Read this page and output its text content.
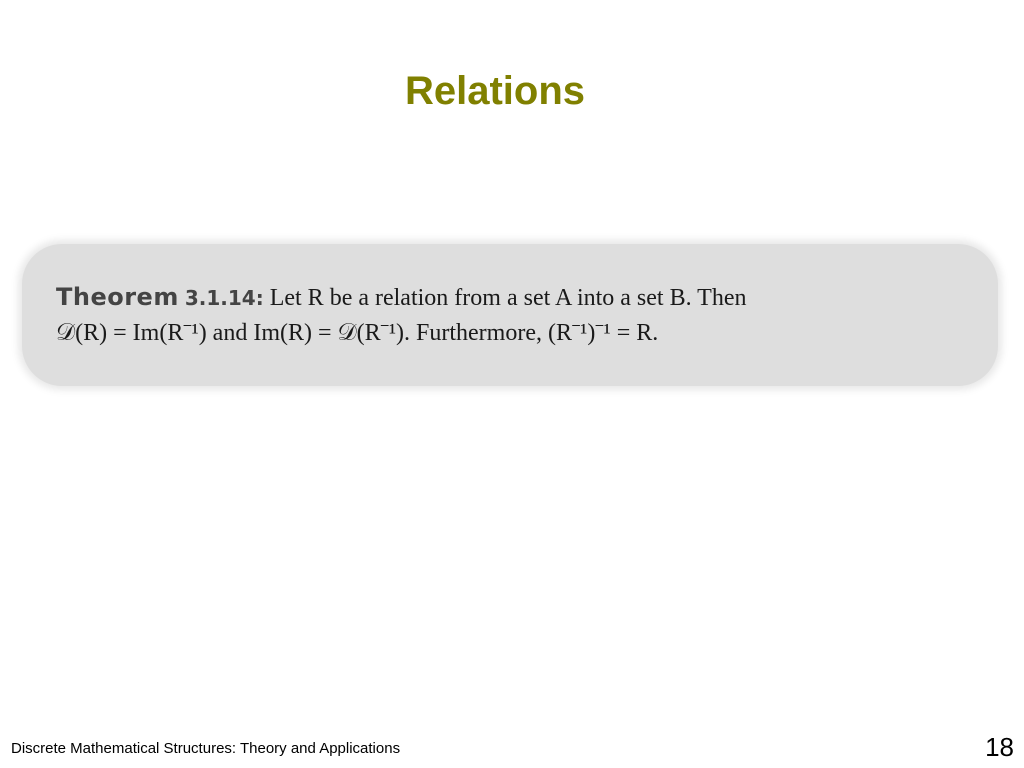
Relations
Theorem 3.1.14: Let R be a relation from a set A into a set B. Then
𝒟(R) = Im(R⁻¹) and Im(R) = 𝒟(R⁻¹). Furthermore, (R⁻¹)⁻¹ = R.
Discrete Mathematical Structures: Theory and Applications	18
